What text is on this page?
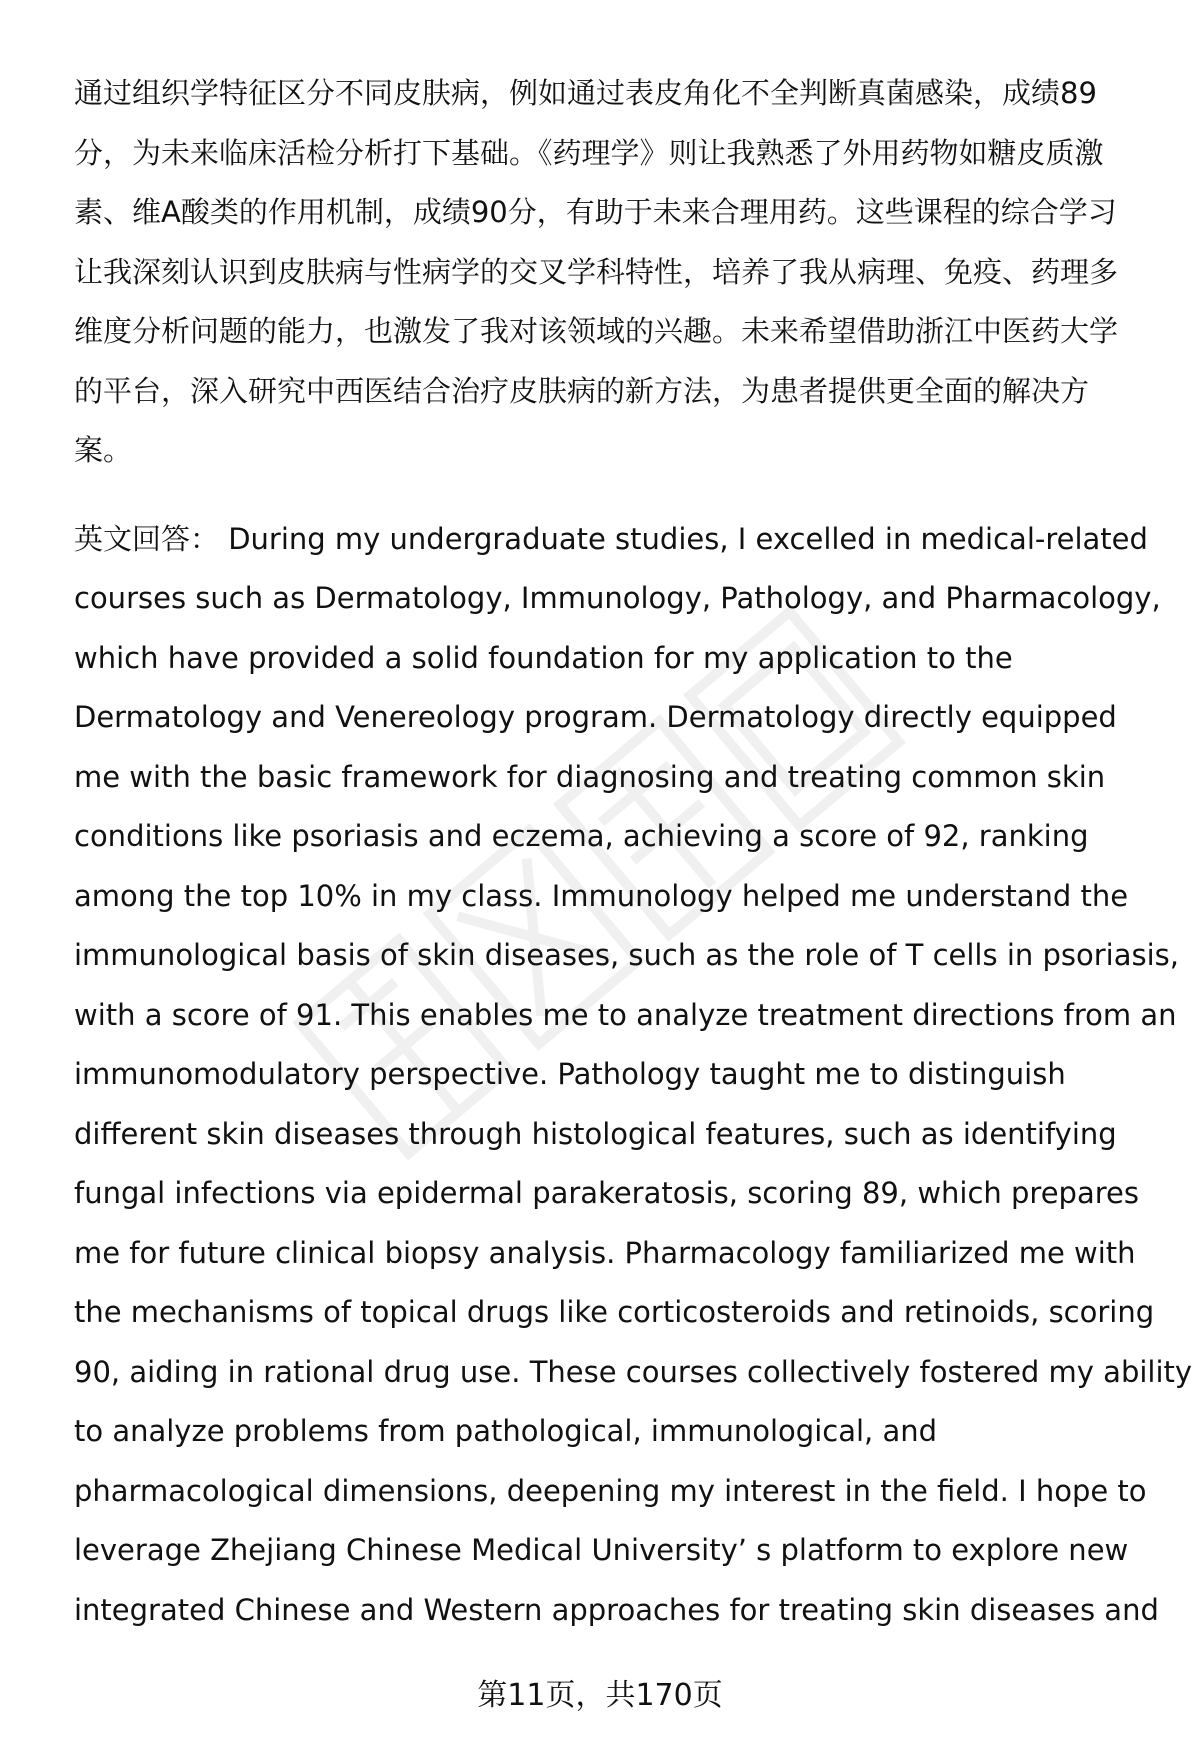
通过组织学特征区分不同皮肤病，例如通过表皮角化不全判断真菌感染，成绩89
分，为未来临床活检分析打下基础。《药理学》则让我熟悉了外用药物如糖皮质激
素、维A酸类的作用机制，成绩90分，有助于未来合理用药。这些课程的综合学习
让我深刻认识到皮肤病与性病学的交叉学科特性，培养了我从病理、免疫、药理多
维度分析问题的能力，也激发了我对该领域的兴趣。未来希望借助浙江中医药大学
的平台，深入研究中西医结合治疗皮肤病的新方法，为患者提供更全面的解决方
案。

英文回答： During my undergraduate studies, I excelled in medical-related
courses such as Dermatology, Immunology, Pathology, and Pharmacology,
which have provided a solid foundation for my application to the
Dermatology and Venereology program. Dermatology directly equipped
me with the basic framework for diagnosing and treating common skin
conditions like psoriasis and eczema, achieving a score of 92, ranking
among the top 10% in my class. Immunology helped me understand the
immunological basis of skin diseases, such as the role of T cells in psoriasis,
with a score of 91. This enables me to analyze treatment directions from an
immunomodulatory perspective. Pathology taught me to distinguish
different skin diseases through histological features, such as identifying
fungal infections via epidermal parakeratosis, scoring 89, which prepares
me for future clinical biopsy analysis. Pharmacology familiarized me with
the mechanisms of topical drugs like corticosteroids and retinoids, scoring
90, aiding in rational drug use. These courses collectively fostered my ability
to analyze problems from pathological, immunological, and
pharmacological dimensions, deepening my interest in the field. I hope to
leverage Zhejiang Chinese Medical University’ s platform to explore new
integrated Chinese and Western approaches for treating skin diseases and

第11页，共170页
